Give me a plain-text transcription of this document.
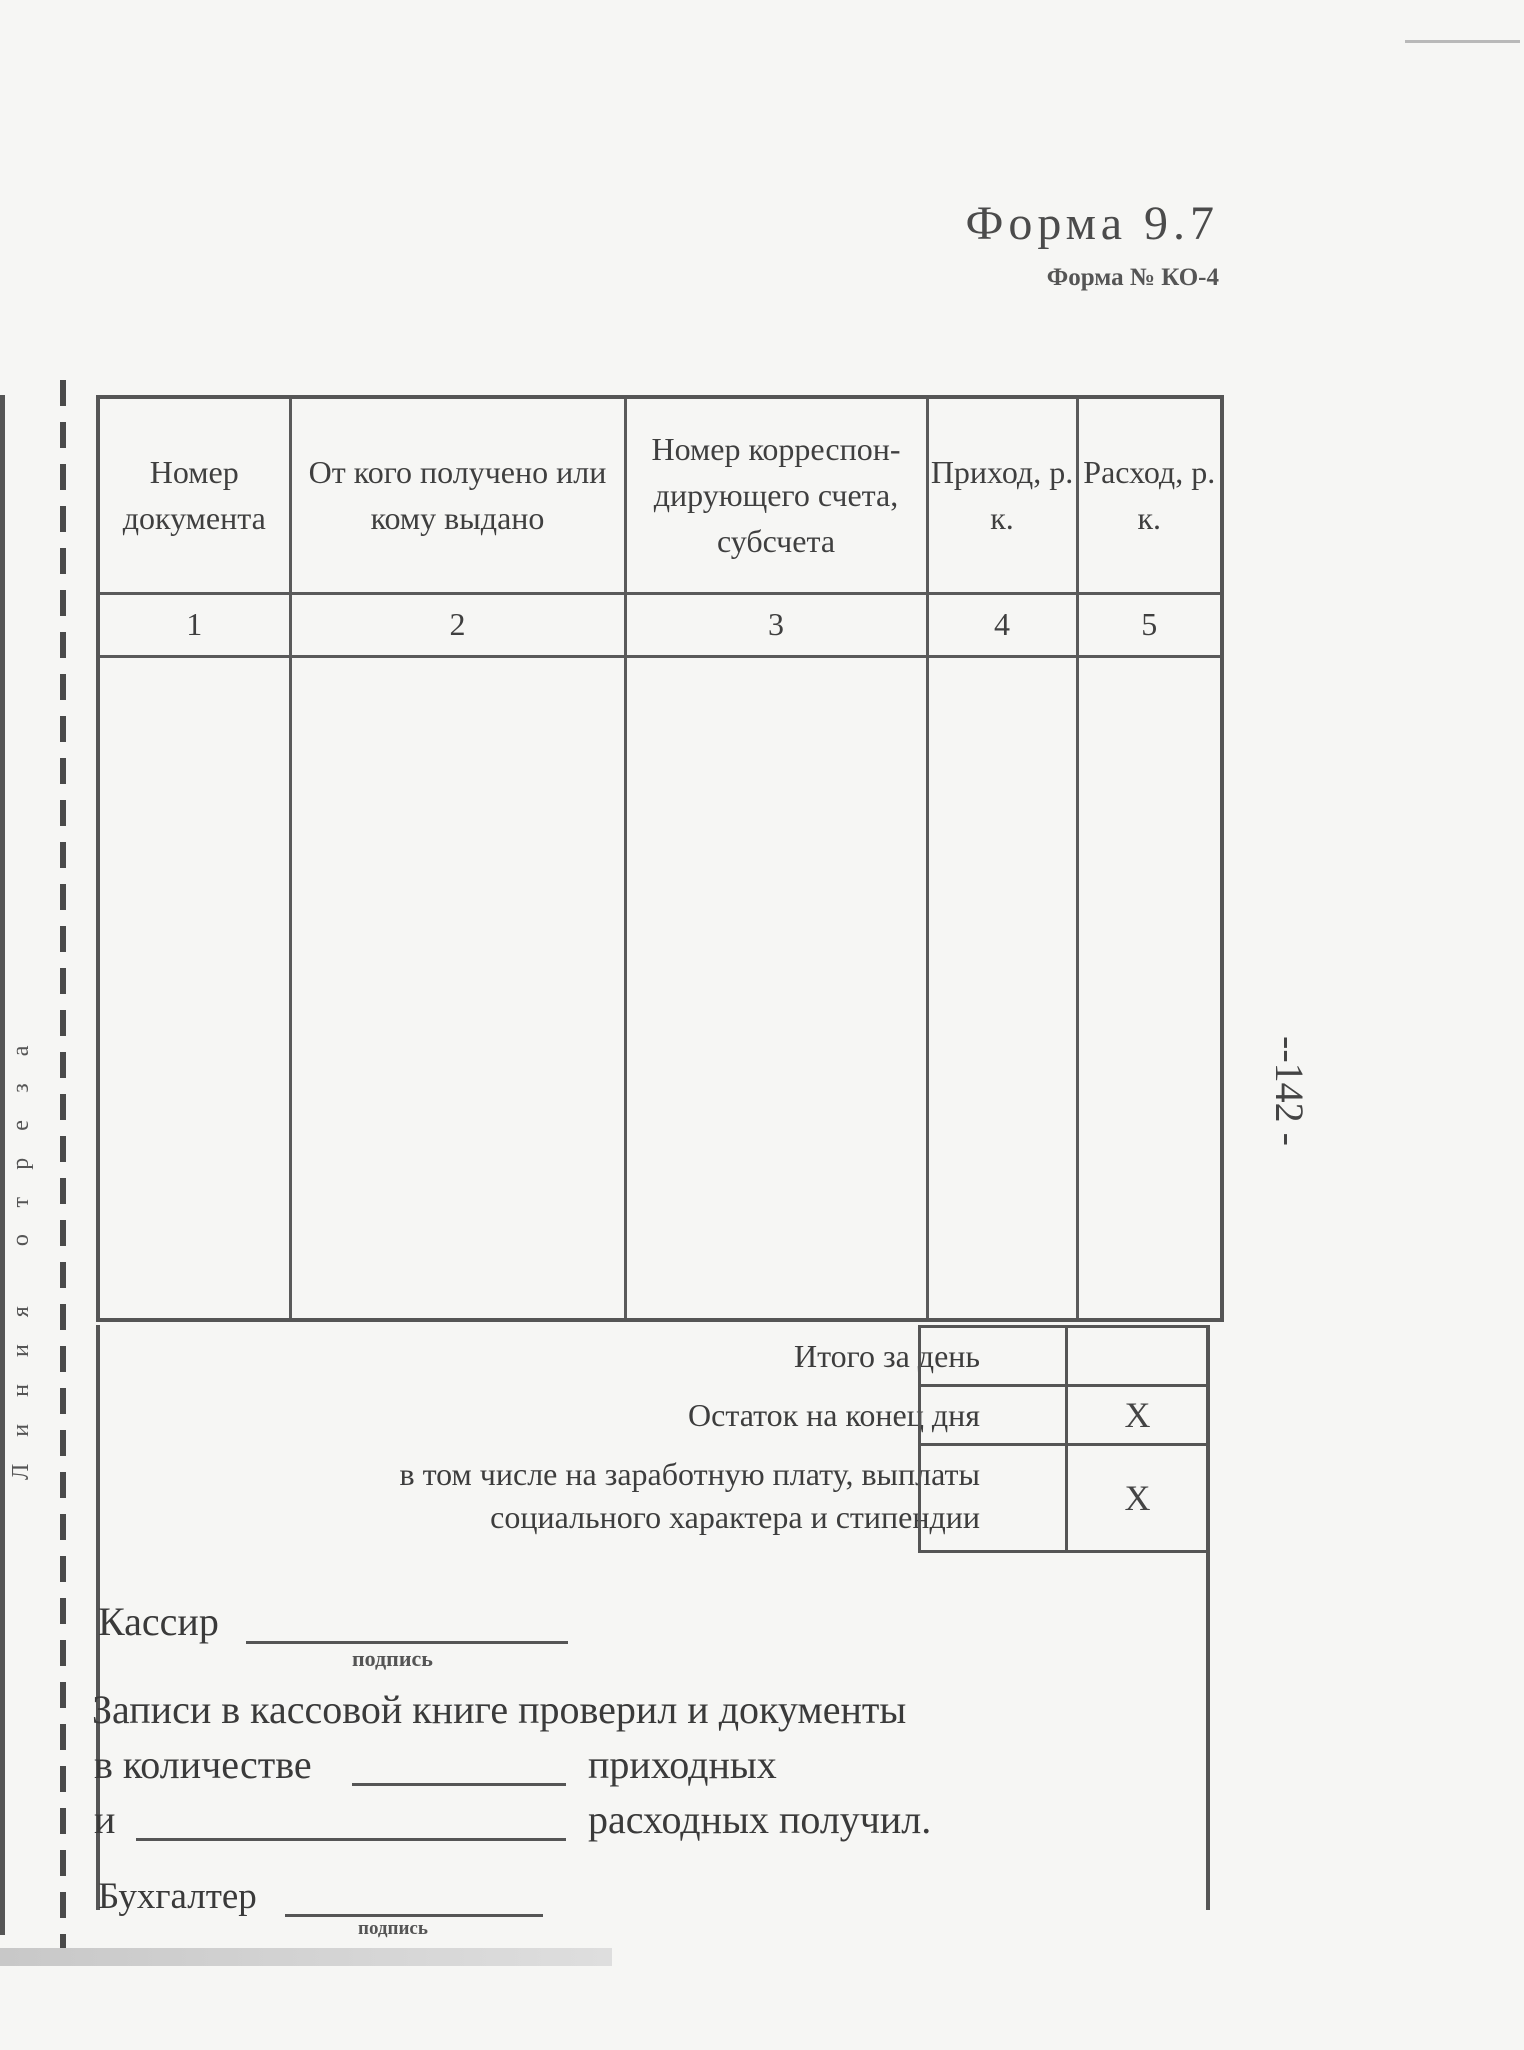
Форма 9.7
Форма № КО-4
Линия отреза	--142 -
Номер документа	От кого получено или кому выдано	Номер корреспон-дирующего счета, субсчета	Приход, р. к.	Расход, р. к.
1	2	3	4	5

Итого за день
Остаток на конец дня	X
в том числе на заработную плату, выплаты социального характера и стипендии	X
Кассир
подпись
Записи в кассовой книге проверил и документы
в количестве	приходных
и	расходных получил.
Бухгалтер
подпись
